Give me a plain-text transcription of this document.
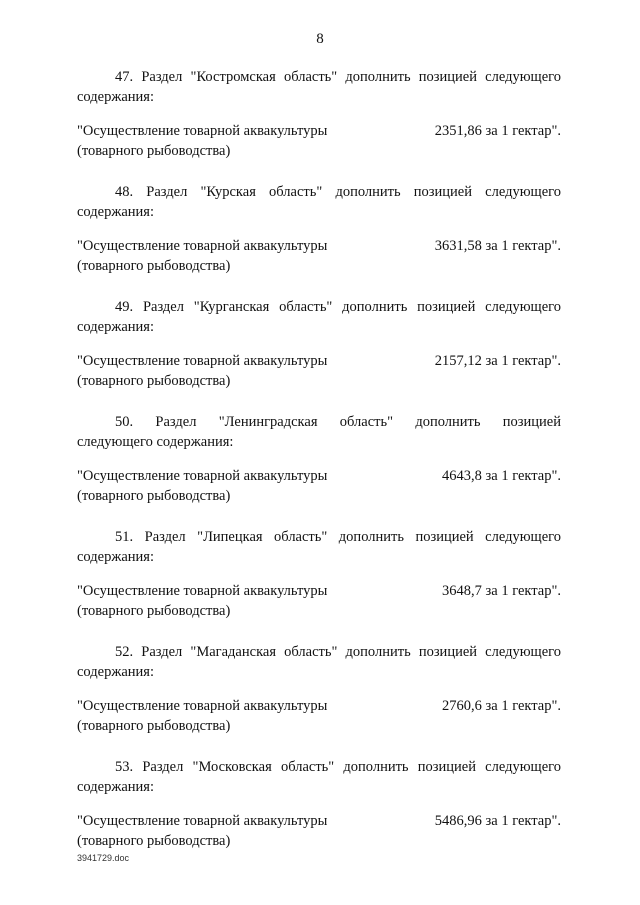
8
47. Раздел "Костромская область" дополнить позицией следующего
содержания:
"Осуществление товарной аквакультуры	2351,86 за 1 гектар".
(товарного рыбоводства)
48. Раздел "Курская область" дополнить позицией следующего
содержания:
"Осуществление товарной аквакультуры	3631,58 за 1 гектар".
(товарного рыбоводства)
49. Раздел "Курганская область" дополнить позицией следующего
содержания:
"Осуществление товарной аквакультуры	2157,12 за 1 гектар".
(товарного рыбоводства)
50. Раздел "Ленинградская область" дополнить позицией
следующего содержания:
"Осуществление товарной аквакультуры	4643,8 за 1 гектар".
(товарного рыбоводства)
51. Раздел "Липецкая область" дополнить позицией следующего
содержания:
"Осуществление товарной аквакультуры	3648,7 за 1 гектар".
(товарного рыбоводства)
52. Раздел "Магаданская область" дополнить позицией следующего
содержания:
"Осуществление товарной аквакультуры	2760,6 за 1 гектар".
(товарного рыбоводства)
53. Раздел "Московская область" дополнить позицией следующего
содержания:
"Осуществление товарной аквакультуры	5486,96 за 1 гектар".
(товарного рыбоводства)
3941729.doc
